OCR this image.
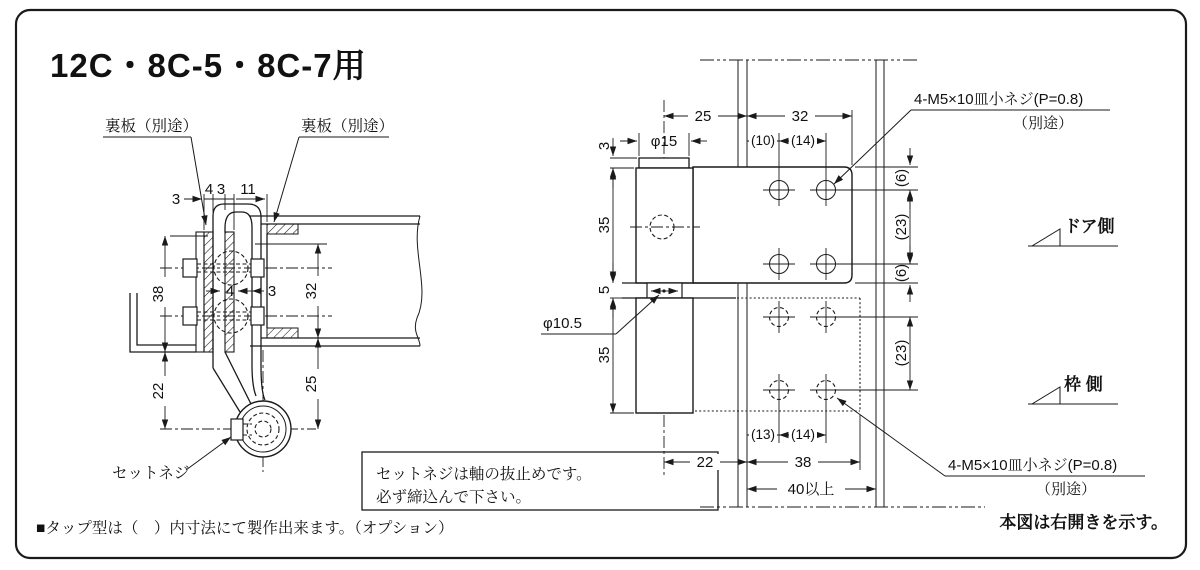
12C・8C-5・8C-7用
裏板（別途）	裏板（別途）
セットネジ
3
4 3 11
38
22
4 3 32
25
セットネジは軸の抜止めです。
必ず締込んで下さい。
■タップ型は（　）内寸法にて製作出来ます。（オプション）
25	32
φ15	(10) (14)
3
35
5
35
φ10.5
(6)
(23)
(6)
(23)
(13) (14)
22	38
40以上
4-M5×10皿小ネジ(P=0.8)
（別途）
4-M5×10皿小ネジ(P=0.8)
（別途）
ドア側
枠 側
本図は右開きを示す。
